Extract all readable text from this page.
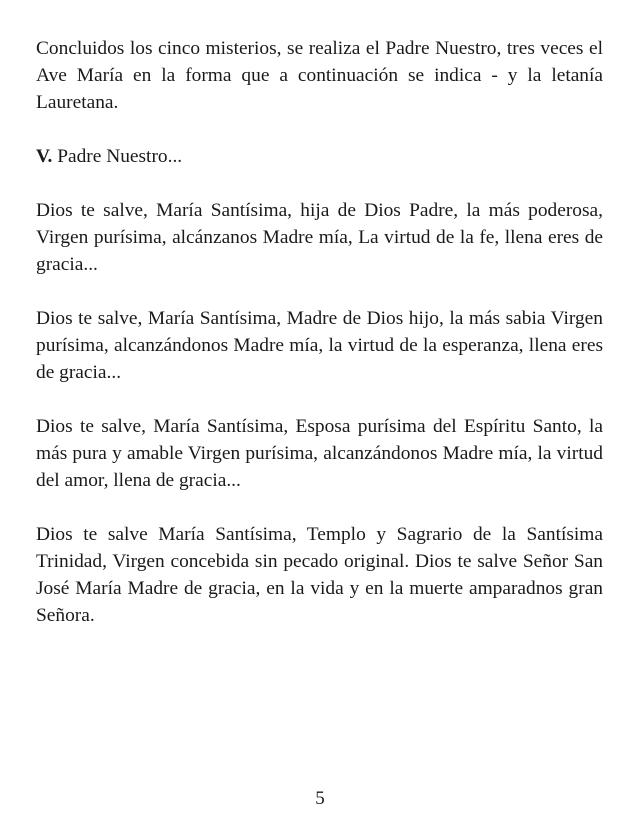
Concluidos los cinco misterios, se realiza el Padre Nuestro, tres veces el Ave María en la forma que a continuación se indica - y la letanía Lauretana.

V. Padre Nuestro...

Dios te salve, María Santísima, hija de Dios Padre, la más poderosa, Virgen purísima, alcánzanos Madre mía, La virtud de la fe, llena eres de gracia...

Dios te salve, María Santísima, Madre de Dios hijo, la más sabia Virgen purísima, alcanzándonos Madre mía, la virtud de la esperanza, llena eres de gracia...

Dios te salve, María Santísima, Esposa purísima del Espíritu Santo, la más pura y amable Virgen purísima, alcanzándonos Madre mía, la virtud del amor, llena de gracia...

Dios te salve María Santísima, Templo y Sagrario de la Santísima Trinidad, Virgen concebida sin pecado original. Dios te salve Señor San José María Madre de gracia, en la vida y en la muerte amparadnos gran Señora.

5
